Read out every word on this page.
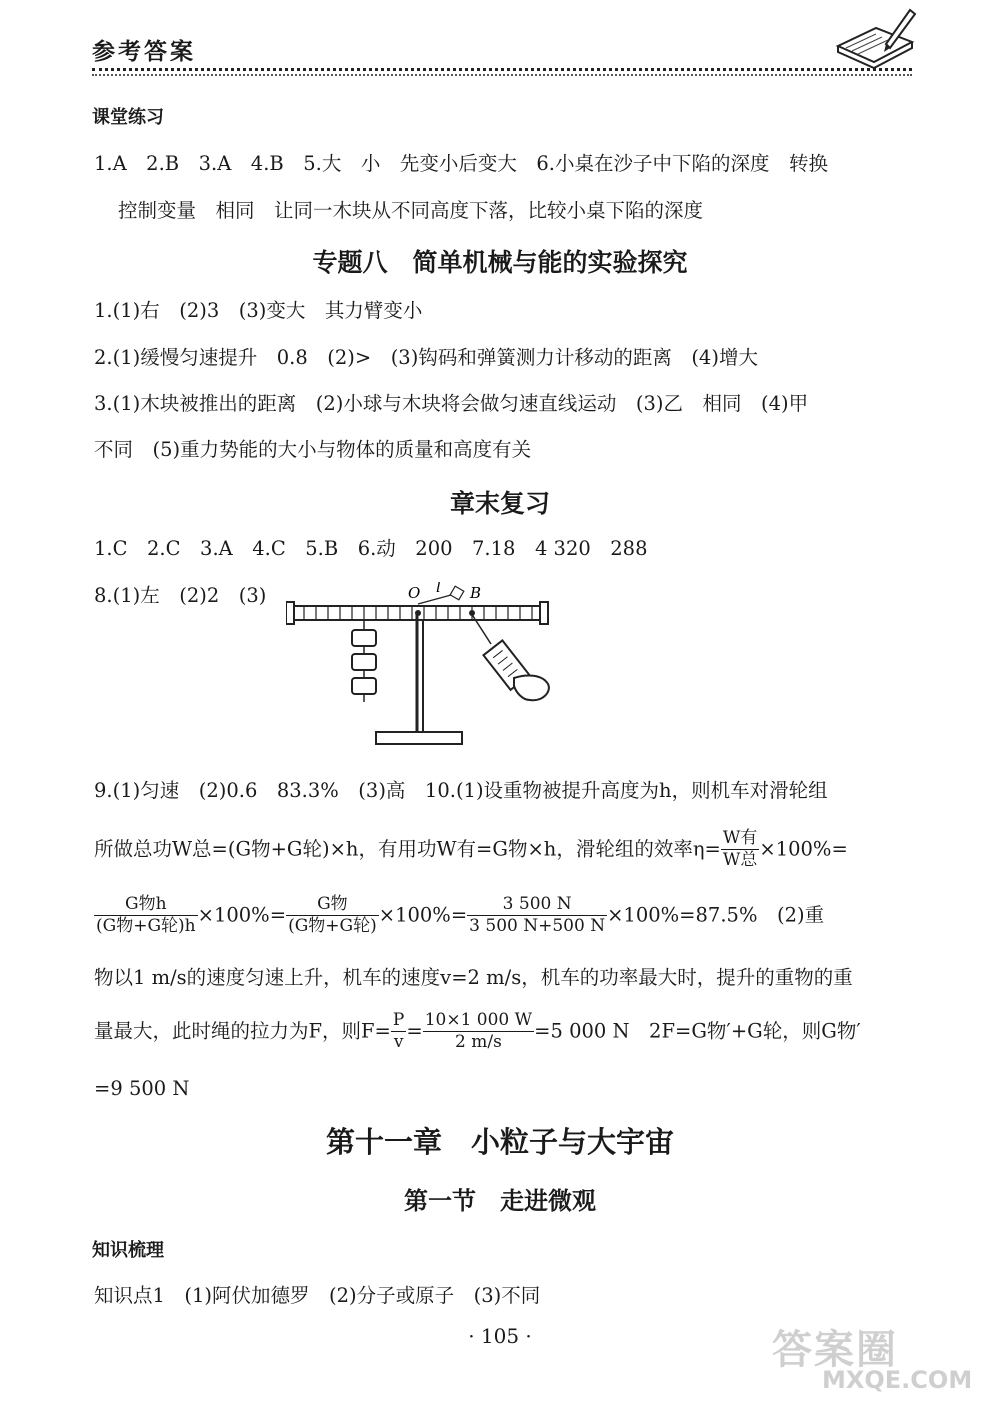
参考答案
课堂练习
1.A　2.B　3.A　4.B　5.大　小　先变小后变大　6.小桌在沙子中下陷的深度　转换
控制变量　相同　让同一木块从不同高度下落，比较小桌下陷的深度
专题八　简单机械与能的实验探究
1.(1)右　(2)3　(3)变大　其力臂变小
2.(1)缓慢匀速提升　0.8　(2)>　(3)钩码和弹簧测力计移动的距离　(4)增大
3.(1)木块被推出的距离　(2)小球与木块将会做匀速直线运动　(3)乙　相同　(4)甲
不同　(5)重力势能的大小与物体的质量和高度有关
章末复习
1.C　2.C　3.A　4.C　5.B　6.动　200　7.18　4 320　288
8.(1)左　(2)2　(3)	O l B
9.(1)匀速　(2)0.6　83.3%　(3)高　10.(1)设重物被提升高度为h，则机车对滑轮组
所做总功W总=(G物+G轮)×h，有用功W有=G物×h，滑轮组的效率$\eta= \frac{\text{W有}}{\text{W总}} \times 100\%=$
$\frac{\text{G物h}}{\text{(G物+G轮)h}} \times 100\%= \frac{\text{G物}}{\text{(G物+G轮)}} \times 100\%= \frac{3 500 N}{3 500 N+500 N} \times 100\%=87.5\%$　(2)重
物以1 m/s的速度匀速上升，机车的速度v=2 m/s，机车的功率最大时，提升的重物的重
量最大，此时绳的拉力为F，则$F= \frac{P}{v} = \frac{10\times 1 000 W}{2 m/s} =5$ 000 N　2F=G物′+G轮，则G物′
=9 500 N
第十一章　小粒子与大宇宙
第一节　走进微观
知识梳理
知识点1　(1)阿伏加德罗　(2)分子或原子　(3)不同
· 105 ·	答案圈
MXQE.COM
